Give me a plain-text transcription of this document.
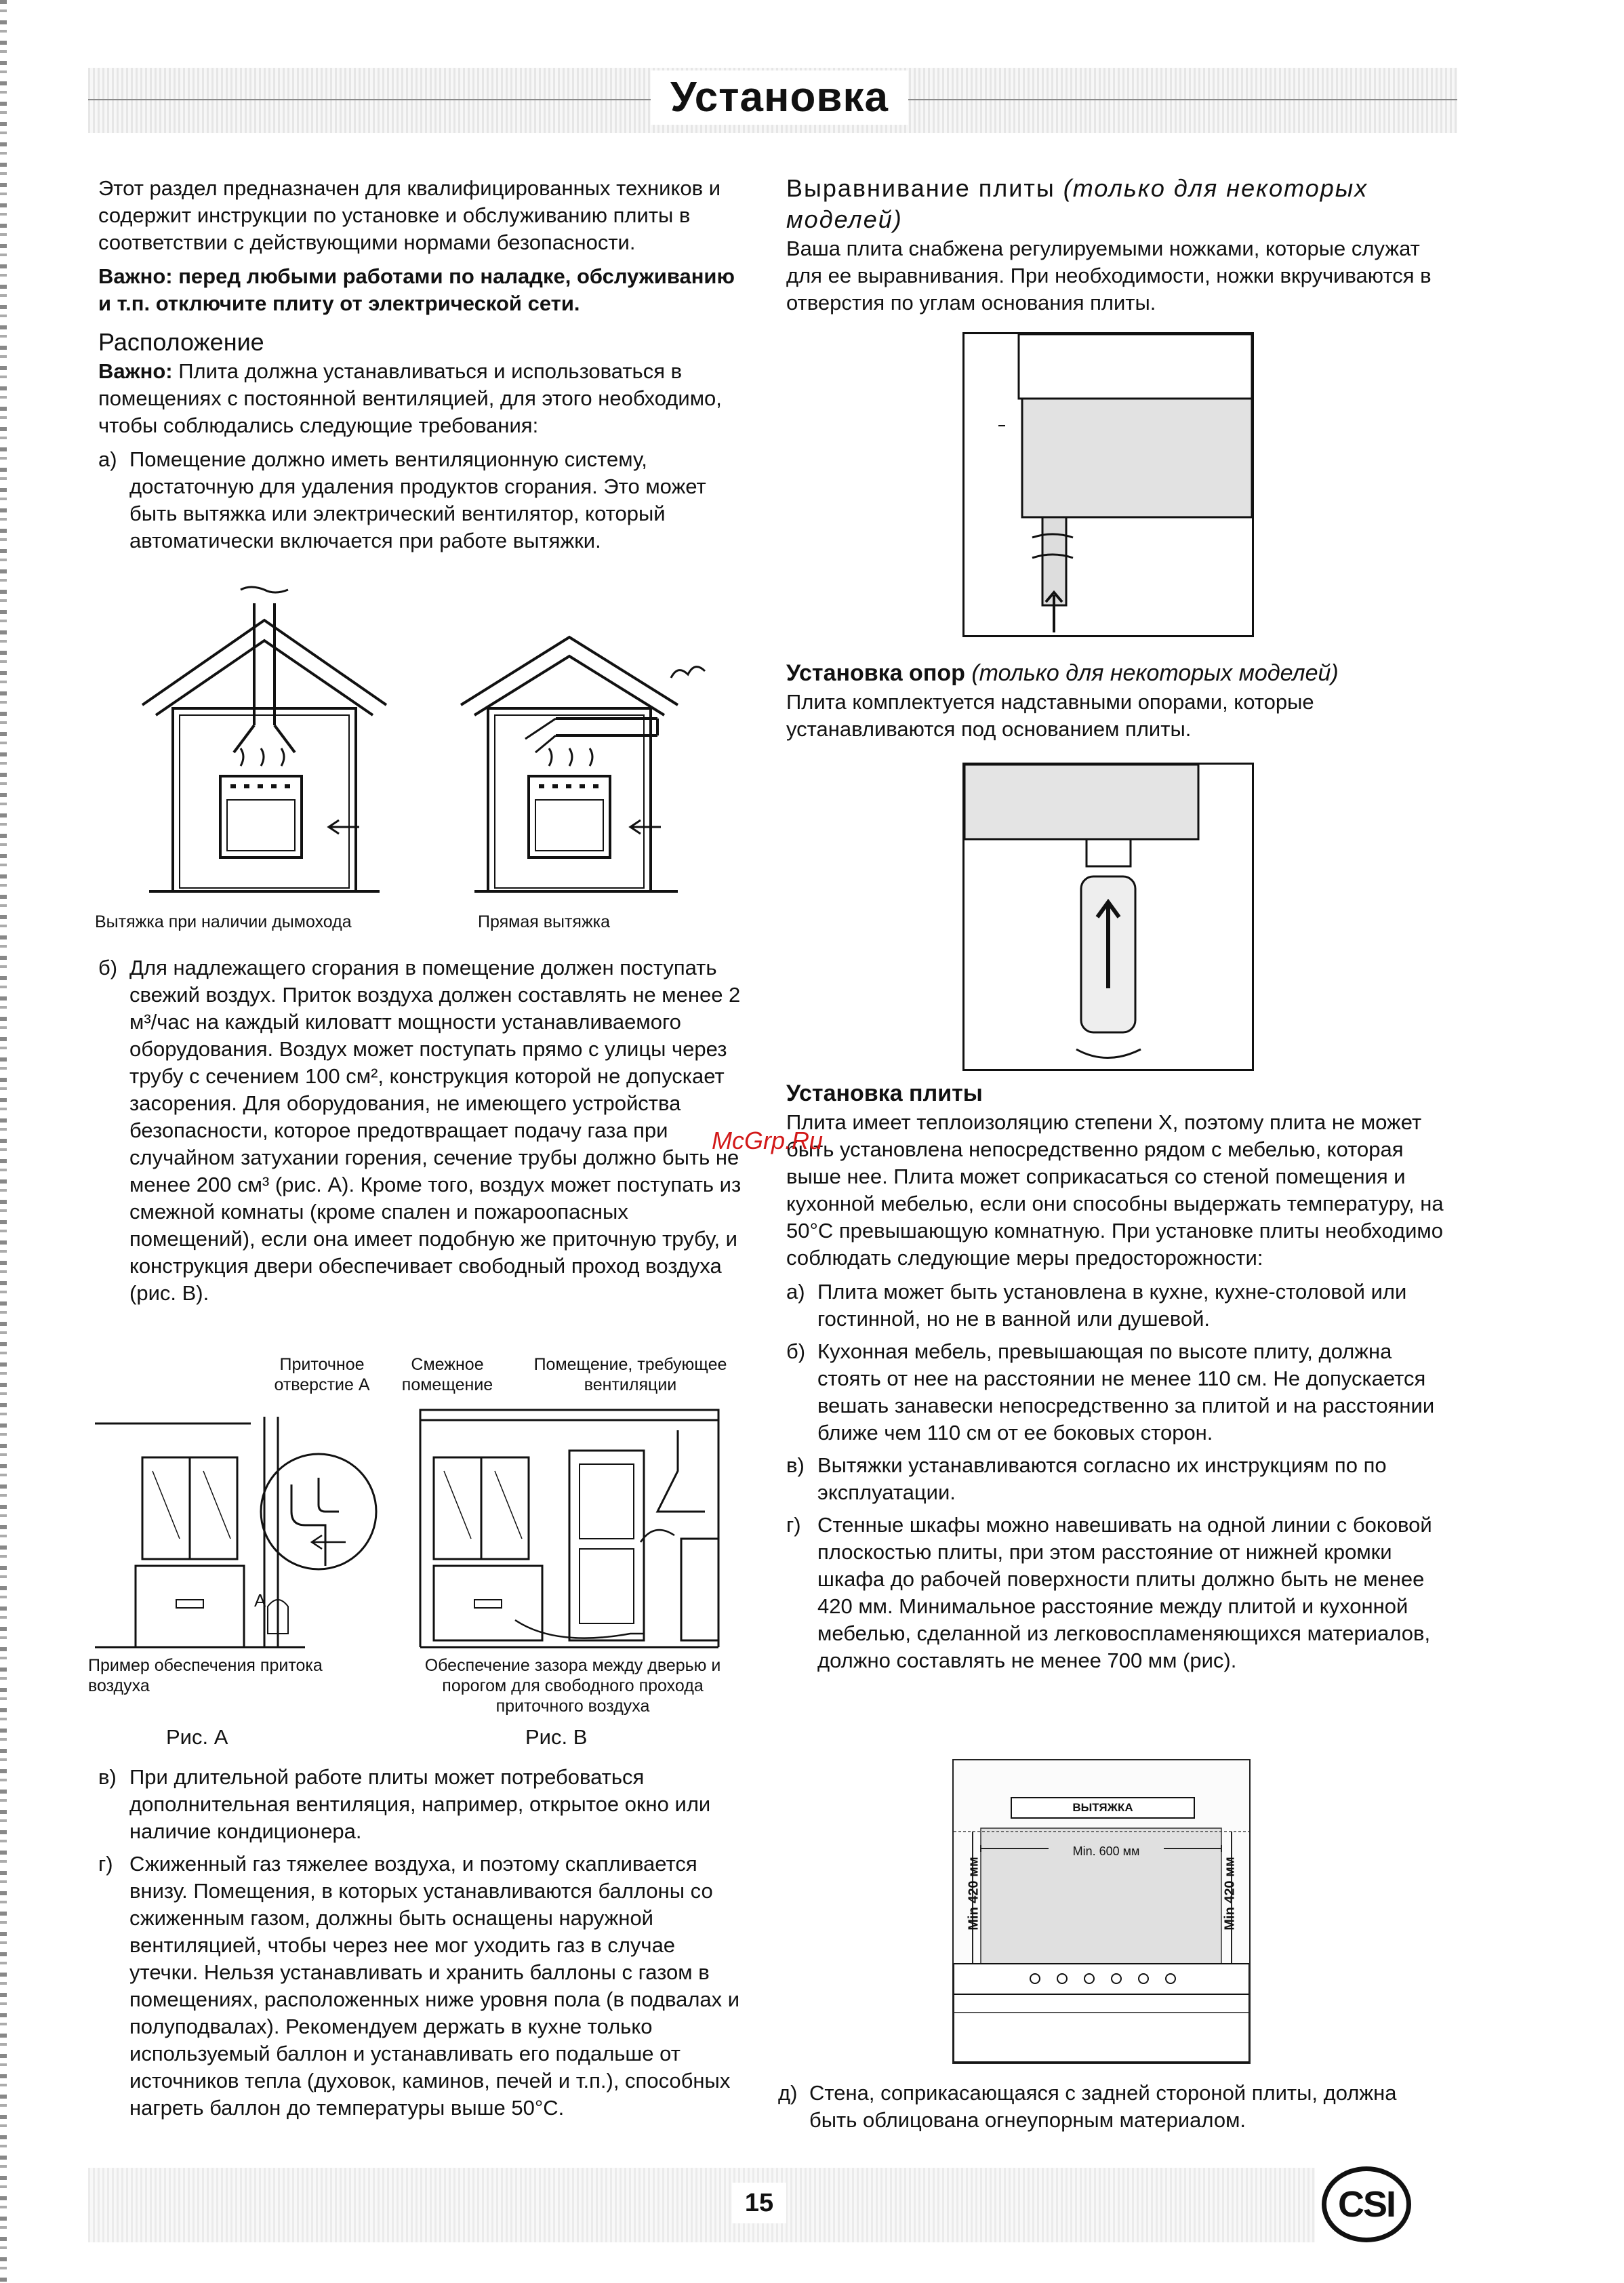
Установка

Этот раздел предназначен для квалифицированных техников и содержит инструкции по установке и обслуживанию плиты в соответствии с действующими нормами безопасности.

Важно: перед любыми работами по наладке, обслуживанию и т.п. отключите плиту от электрической сети.

Расположение

Важно: Плита должна устанавливаться и использоваться в помещениях с постоянной вентиляцией, для этого необходимо, чтобы соблюдались следующие требования:

а) Помещение должно иметь вентиляционную систему, достаточную для удаления продуктов сгорания. Это может быть вытяжка или электрический вентилятор, который автоматически включается при работе вытяжки.
Вытяжка при наличии дымохода	Прямая вытяжка
б) Для надлежащего сгорания в помещение должен поступать свежий воздух. Приток воздуха должен составлять не менее 2 м³/час на каждый киловатт мощности устанавливаемого оборудования. Воздух может поступать прямо с улицы через трубу с сечением 100 см², конструкция которой не допускает засорения. Для оборудования, не имеющего устройства безопасности, которое предотвращает подачу газа при случайном затухании горения, сечение трубы должно быть не менее 200 см³ (рис. А). Кроме того, воздух может поступать из смежной комнаты (кроме спален и пожароопасных помещений), если она имеет подобную же приточную трубу, и конструкция двери обеспечивает свободный проход воздуха (рис. В).
Приточное отверстие А
Смежное помещение
Помещение, требующее вентиляции
А
Пример обеспечения притока воздуха
Обеспечение зазора между дверью и порогом для свободного прохода приточного воздуха
Рис. А	Рис. В
в) При длительной работе плиты может потребоваться дополнительная вентиляция, например, открытое окно или наличие кондиционера.
г) Сжиженный газ тяжелее воздуха, и поэтому скапливается внизу. Помещения, в которых устанавливаются баллоны со сжиженным газом, должны быть оснащены наружной вентиляцией, чтобы через нее мог уходить газ в случае утечки. Нельзя устанавливать и хранить баллоны с газом в помещениях, расположенных ниже уровня пола (в подвалах и полуподвалах). Рекомендуем держать в кухне только используемый баллон и устанавливать его подальше от источников тепла (духовок, каминов, печей и т.п.), способных нагреть баллон до температуры выше 50°С.
Выравнивание плиты (только для некоторых моделей)

Ваша плита снабжена регулируемыми ножками, которые служат для ее выравнивания. При необходимости, ножки вкручиваются в отверстия по углам основания плиты.

Установка опор (только для некоторых моделей)

Плита комплектуется надставными опорами, которые устанавливаются под основанием плиты.

Установка плиты

Плита имеет теплоизоляцию степени X, поэтому плита не может быть установлена непосредственно рядом с мебелью, которая выше нее. Плита может соприкасаться со стеной помещения и кухонной мебелью, если они способны выдержать температуру, на 50°С превышающую комнатную. При установке плиты необходимо соблюдать следующие меры предосторожности:

а) Плита может быть установлена в кухне, кухне-столовой или гостинной, но не в ванной или душевой.
б) Кухонная мебель, превышающая по высоте плиту, должна стоять от нее на расстоянии не менее 110 см. Не допускается вешать занавески непосредственно за плитой и на расстоянии ближе чем 110 см от ее боковых сторон.
в) Вытяжки устанавливаются согласно их инструкциям по по эксплуатации.
г) Стенные шкафы можно навешивать на одной линии с боковой плоскостью плиты, при этом расстояние от нижней кромки шкафа до рабочей поверхности плиты должно быть не менее 420 мм. Минимальное расстояние между плитой и кухонной мебелью, сделанной из легковоспламеняющихся материалов, должно составлять не менее 700 мм (рис).
ВЫТЯЖКА
Min. 600 мм
Min 420 мм	Min 420 мм
д) Стена, соприкасающаяся с задней стороной плиты, должна быть облицована огнеупорным материалом.
McGrp.Ru
15	CSI
